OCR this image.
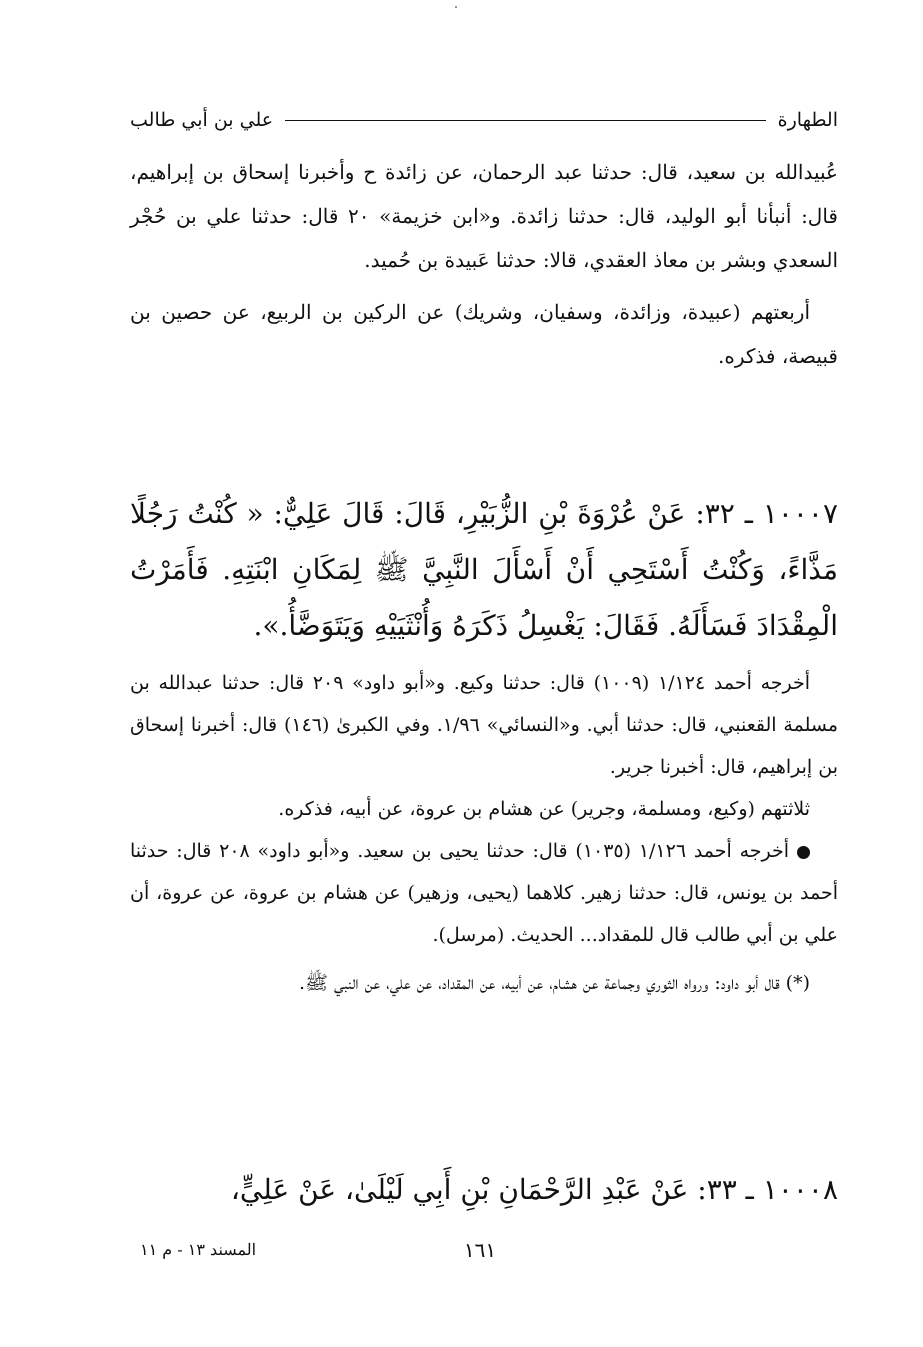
الطهارة
علي بن أبي طالب

عُبيدالله بن سعيد، قال: حدثنا عبد الرحمان، عن زائدة ح وأخبرنا إسحاق بن إبراهيم، قال: أنبأنا أبو الوليد، قال: حدثنا زائدة. و«ابن خزيمة» ٢٠ قال: حدثنا علي بن حُجْر السعدي وبشر بن معاذ العقدي، قالا: حدثنا عَبيدة بن حُميد.

أربعتهم (عبيدة، وزائدة، وسفيان، وشريك) عن الركين بن الربيع، عن حصين بن قبيصة، فذكره.

١٠٠٠٧ ـ ٣٢: عَنْ عُرْوَةَ بْنِ الزُّبَيْرِ، قَالَ: قَالَ عَلِيٌّ: « كُنْتُ رَجُلًا مَذَّاءً، وَكُنْتُ أَسْتَحِي أَنْ أَسْأَلَ النَّبِيَّ ﷺ لِمَكَانِ ابْنَتِهِ. فَأَمَرْتُ الْمِقْدَادَ فَسَأَلَهُ. فَقَالَ: يَغْسِلُ ذَكَرَهُ وَأُنْثَيَيْهِ وَيَتَوَضَّأُ.».

أخرجه أحمد ١/١٢٤ (١٠٠٩) قال: حدثنا وكيع. و«أبو داود» ٢٠٩ قال: حدثنا عبدالله بن مسلمة القعنبي، قال: حدثنا أبي. و«النسائي» ١/٩٦. وفي الكبرىٰ (١٤٦) قال: أخبرنا إسحاق بن إبراهيم، قال: أخبرنا جرير.

ثلاثتهم (وكيع، ومسلمة، وجرير) عن هشام بن عروة، عن أبيه، فذكره.

أخرجه أحمد ١/١٢٦ (١٠٣٥) قال: حدثنا يحيى بن سعيد. و«أبو داود» ٢٠٨ قال: حدثنا أحمد بن يونس، قال: حدثنا زهير. كلاهما (يحيى، وزهير) عن هشام بن عروة، عن عروة، أن علي بن أبي طالب قال للمقداد... الحديث. (مرسل).

(*) قال أبو داود: ورواه الثوري وجماعة عن هشام، عن أبيه، عن المقداد، عن علي، عن النبي ﷺ.

١٠٠٠٨ ـ ٣٣: عَنْ عَبْدِ الرَّحْمَانِ بْنِ أَبِي لَيْلَىٰ، عَنْ عَلِيٍّ،

١٦١
المسند ١٣ - م ١١
